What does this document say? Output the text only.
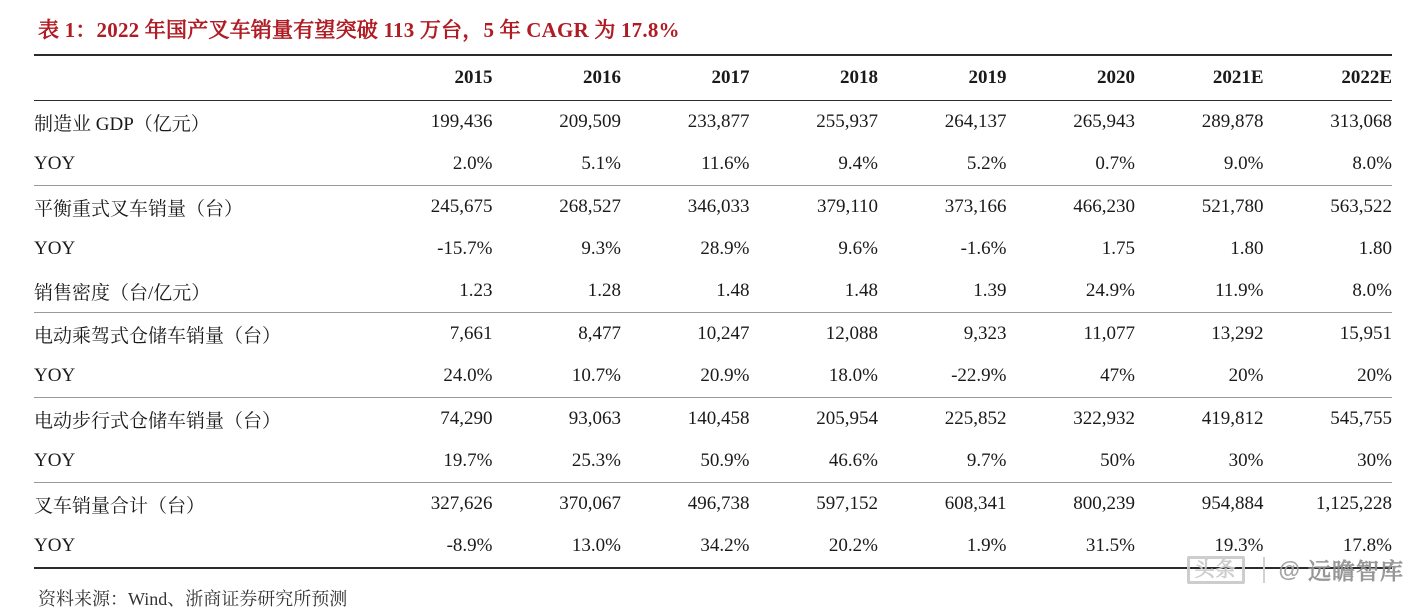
表 1：2022 年国产叉车销量有望突破 113 万台，5 年 CAGR 为 17.8%
	2015	2016	2017	2018	2019	2020	2021E	2022E
制造业 GDP（亿元）	199,436	209,509	233,877	255,937	264,137	265,943	289,878	313,068
YOY	2.0%	5.1%	11.6%	9.4%	5.2%	0.7%	9.0%	8.0%
平衡重式叉车销量（台）	245,675	268,527	346,033	379,110	373,166	466,230	521,780	563,522
YOY	-15.7%	9.3%	28.9%	9.6%	-1.6%	1.75	1.80	1.80
销售密度（台/亿元）	1.23	1.28	1.48	1.48	1.39	24.9%	11.9%	8.0%
电动乘驾式仓储车销量（台）	7,661	8,477	10,247	12,088	9,323	11,077	13,292	15,951
YOY	24.0%	10.7%	20.9%	18.0%	-22.9%	47%	20%	20%
电动步行式仓储车销量（台）	74,290	93,063	140,458	205,954	225,852	322,932	419,812	545,755
YOY	19.7%	25.3%	50.9%	46.6%	9.7%	50%	30%	30%
叉车销量合计（台）	327,626	370,067	496,738	597,152	608,341	800,239	954,884	1,125,228
YOY	-8.9%	13.0%	34.2%	20.2%	1.9%	31.5%	19.3%	17.8%
资料来源：Wind、浙商证券研究所预测
头条	@ 远瞻智库
